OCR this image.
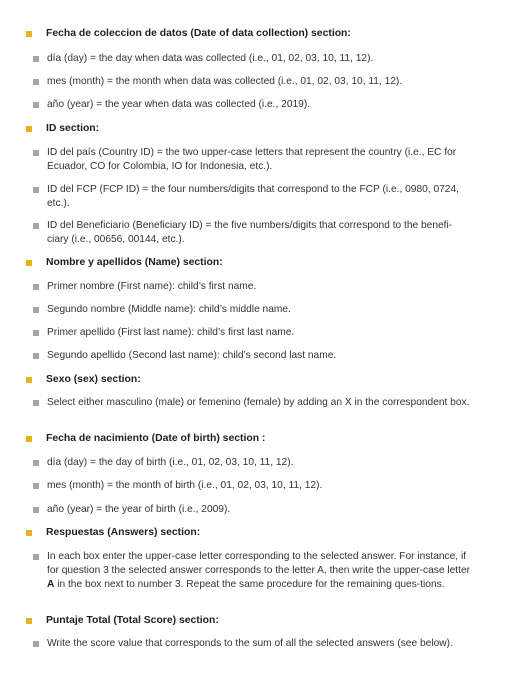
Fecha de coleccion de datos (Date of data collection) section:
día (day) = the day when data was collected (i.e., 01, 02, 03, 10, 11, 12).
mes (month) = the month when data was collected (i.e., 01, 02, 03, 10, 11, 12).
año (year) = the year when data was collected (i.e., 2019).
ID section:
ID del país (Country ID) = the two upper-case letters that represent the country (i.e., EC for Ecuador, CO for Colombia, IO for Indonesia, etc.).
ID del FCP (FCP ID) = the four numbers/digits that correspond to the FCP (i.e., 0980, 0724, etc.).
ID del Beneficiario (Beneficiary ID) = the five numbers/digits that correspond to the benefi-ciary (i.e., 00656, 00144, etc.).
Nombre y apellidos (Name) section:
Primer nombre (First name): child’s first name.
Segundo nombre (Middle name): child’s middle name.
Primer apellido (First last name): child’s first last name.
Segundo apellido (Second last name): child’s second last name.
Sexo (sex) section:
Select either masculino (male) or femenino (female) by adding an X in the correspondent box.
Fecha de nacimiento (Date of birth) section :
día (day) = the day of birth (i.e., 01, 02, 03, 10, 11, 12).
mes (month) = the month of birth (i.e., 01, 02, 03, 10, 11, 12).
año (year) = the year of birth (i.e., 2009).
Respuestas (Answers) section:
In each box enter the upper-case letter corresponding to the selected answer. For instance, if for question 3 the selected answer corresponds to the letter A, then write the upper-case letter A in the box next to number 3. Repeat the same procedure for the remaining ques-tions.
Puntaje Total (Total Score) section:
Write the score value that corresponds to the sum of all the selected answers (see below).
